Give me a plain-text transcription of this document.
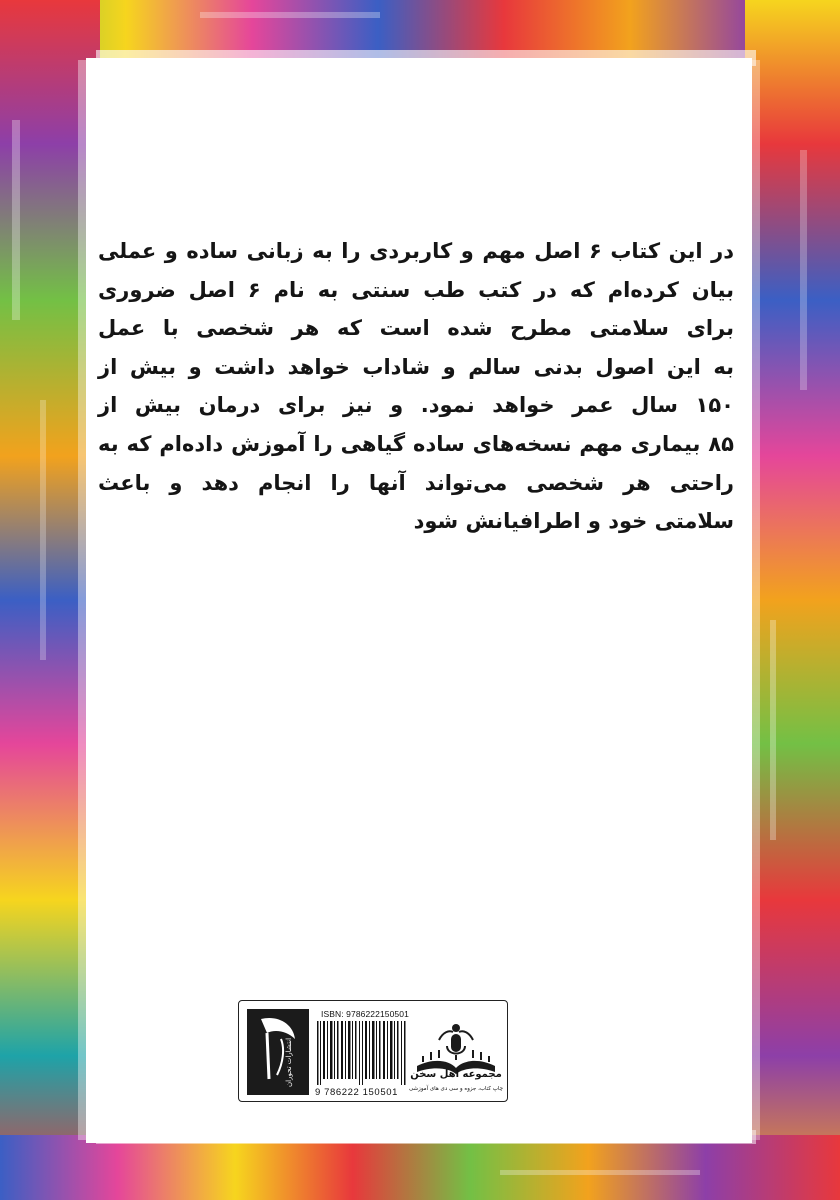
در این کتاب ۶ اصل مهم و کاربردی را به زبانی ساده و عملی
بیان کرده‌ام که در کتب طب سنتی به نام ۶ اصل ضروری
برای سلامتی مطرح شده است که هر شخصی با عمل
به این اصول بدنی سالم و شاداب خواهد داشت و بیش از
۱۵۰ سال عمر خواهد نمود. و نیز برای درمان بیش از
۸۵ بیماری مهم نسخه‌های ساده گیاهی را آموزش داده‌ام که به
راحتی هر شخصی می‌تواند آنها را انجام دهد و باعث
سلامتی خود و اطرافیانش شود
انتشارات تحوران
ISBN: 9786222150501
9 786222 150501
مجموعه اهل سخن
چاپ کتاب، جزوه و سی دی های آموزشی
